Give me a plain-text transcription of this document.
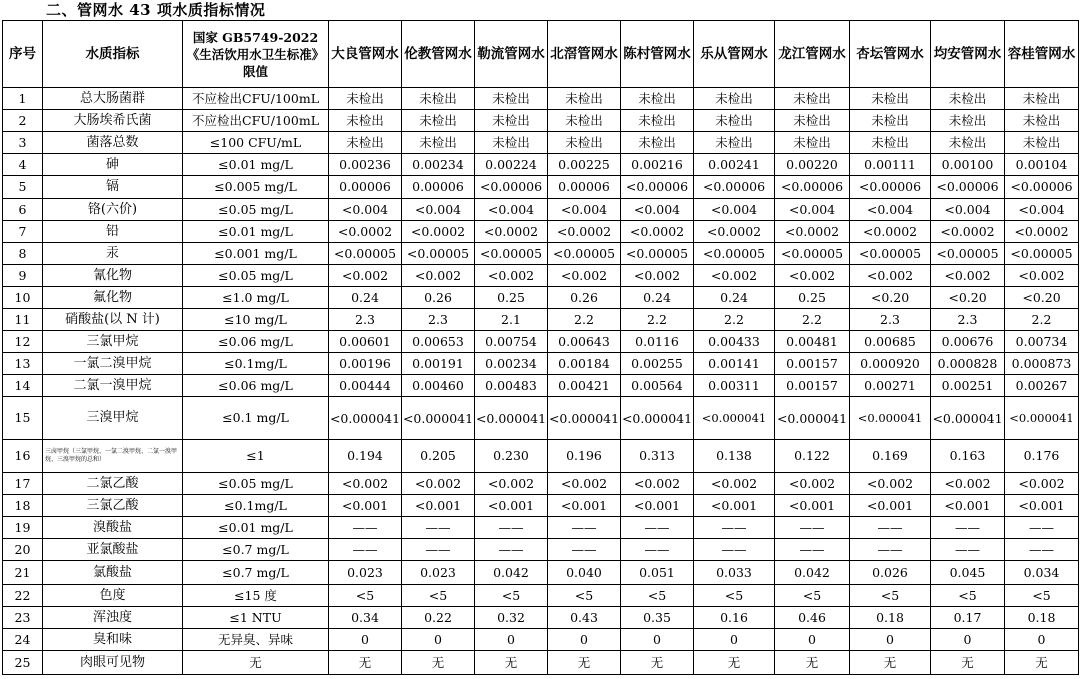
二、管网水 43 项水质指标情况
序号	水质指标	国家 GB5749-2022《生活饮用水卫生标准》限值	大良管网水	伦教管网水	勒流管网水	北滘管网水	陈村管网水	乐从管网水	龙江管网水	杏坛管网水	均安管网水	容桂管网水
1	总大肠菌群	不应检出CFU/100mL	未检出	未检出	未检出	未检出	未检出	未检出	未检出	未检出	未检出	未检出
2	大肠埃希氏菌	不应检出CFU/100mL	未检出	未检出	未检出	未检出	未检出	未检出	未检出	未检出	未检出	未检出
3	菌落总数	≤100 CFU/mL	未检出	未检出	未检出	未检出	未检出	未检出	未检出	未检出	未检出	未检出
4	砷	≤0.01 mg/L	0.00236	0.00234	0.00224	0.00225	0.00216	0.00241	0.00220	0.00111	0.00100	0.00104
5	镉	≤0.005 mg/L	0.00006	0.00006	<0.00006	0.00006	<0.00006	<0.00006	<0.00006	<0.00006	<0.00006	<0.00006
6	铬(六价)	≤0.05 mg/L	<0.004	<0.004	<0.004	<0.004	<0.004	<0.004	<0.004	<0.004	<0.004	<0.004
7	铅	≤0.01 mg/L	<0.0002	<0.0002	<0.0002	<0.0002	<0.0002	<0.0002	<0.0002	<0.0002	<0.0002	<0.0002
8	汞	≤0.001 mg/L	<0.00005	<0.00005	<0.00005	<0.00005	<0.00005	<0.00005	<0.00005	<0.00005	<0.00005	<0.00005
9	氰化物	≤0.05 mg/L	<0.002	<0.002	<0.002	<0.002	<0.002	<0.002	<0.002	<0.002	<0.002	<0.002
10	氟化物	≤1.0 mg/L	0.24	0.26	0.25	0.26	0.24	0.24	0.25	<0.20	<0.20	<0.20
11	硝酸盐(以 N 计)	≤10 mg/L	2.3	2.3	2.1	2.2	2.2	2.2	2.2	2.3	2.3	2.2
12	三氯甲烷	≤0.06 mg/L	0.00601	0.00653	0.00754	0.00643	0.0116	0.00433	0.00481	0.00685	0.00676	0.00734
13	一氯二溴甲烷	≤0.1mg/L	0.00196	0.00191	0.00234	0.00184	0.00255	0.00141	0.00157	0.000920	0.000828	0.000873
14	二氯一溴甲烷	≤0.06 mg/L	0.00444	0.00460	0.00483	0.00421	0.00564	0.00311	0.00157	0.00271	0.00251	0.00267
15	三溴甲烷	≤0.1 mg/L	<0.000041	<0.000041	<0.000041	<0.000041	<0.000041	<0.000041	<0.000041	<0.000041	<0.000041	<0.000041
16	三卤甲烷（三氯甲烷、一氯二溴甲烷、二氯一溴甲烷、三溴甲烷的总和）	≤1	0.194	0.205	0.230	0.196	0.313	0.138	0.122	0.169	0.163	0.176
17	二氯乙酸	≤0.05 mg/L	<0.002	<0.002	<0.002	<0.002	<0.002	<0.002	<0.002	<0.002	<0.002	<0.002
18	三氯乙酸	≤0.1mg/L	<0.001	<0.001	<0.001	<0.001	<0.001	<0.001	<0.001	<0.001	<0.001	<0.001
19	溴酸盐	≤0.01 mg/L	——	——	——	——	——	——	——	——	——	——
20	亚氯酸盐	≤0.7 mg/L	——	——	——	——	——	——	——	——	——	——
21	氯酸盐	≤0.7 mg/L	0.023	0.023	0.042	0.040	0.051	0.033	0.042	0.026	0.045	0.034
22	色度	≤15 度	<5	<5	<5	<5	<5	<5	<5	<5	<5	<5
23	浑浊度	≤1 NTU	0.34	0.22	0.32	0.43	0.35	0.16	0.46	0.18	0.17	0.18
24	臭和味	无异臭、异味	0	0	0	0	0	0	0	0	0	0
25	肉眼可见物	无	无	无	无	无	无	无	无	无	无	无
